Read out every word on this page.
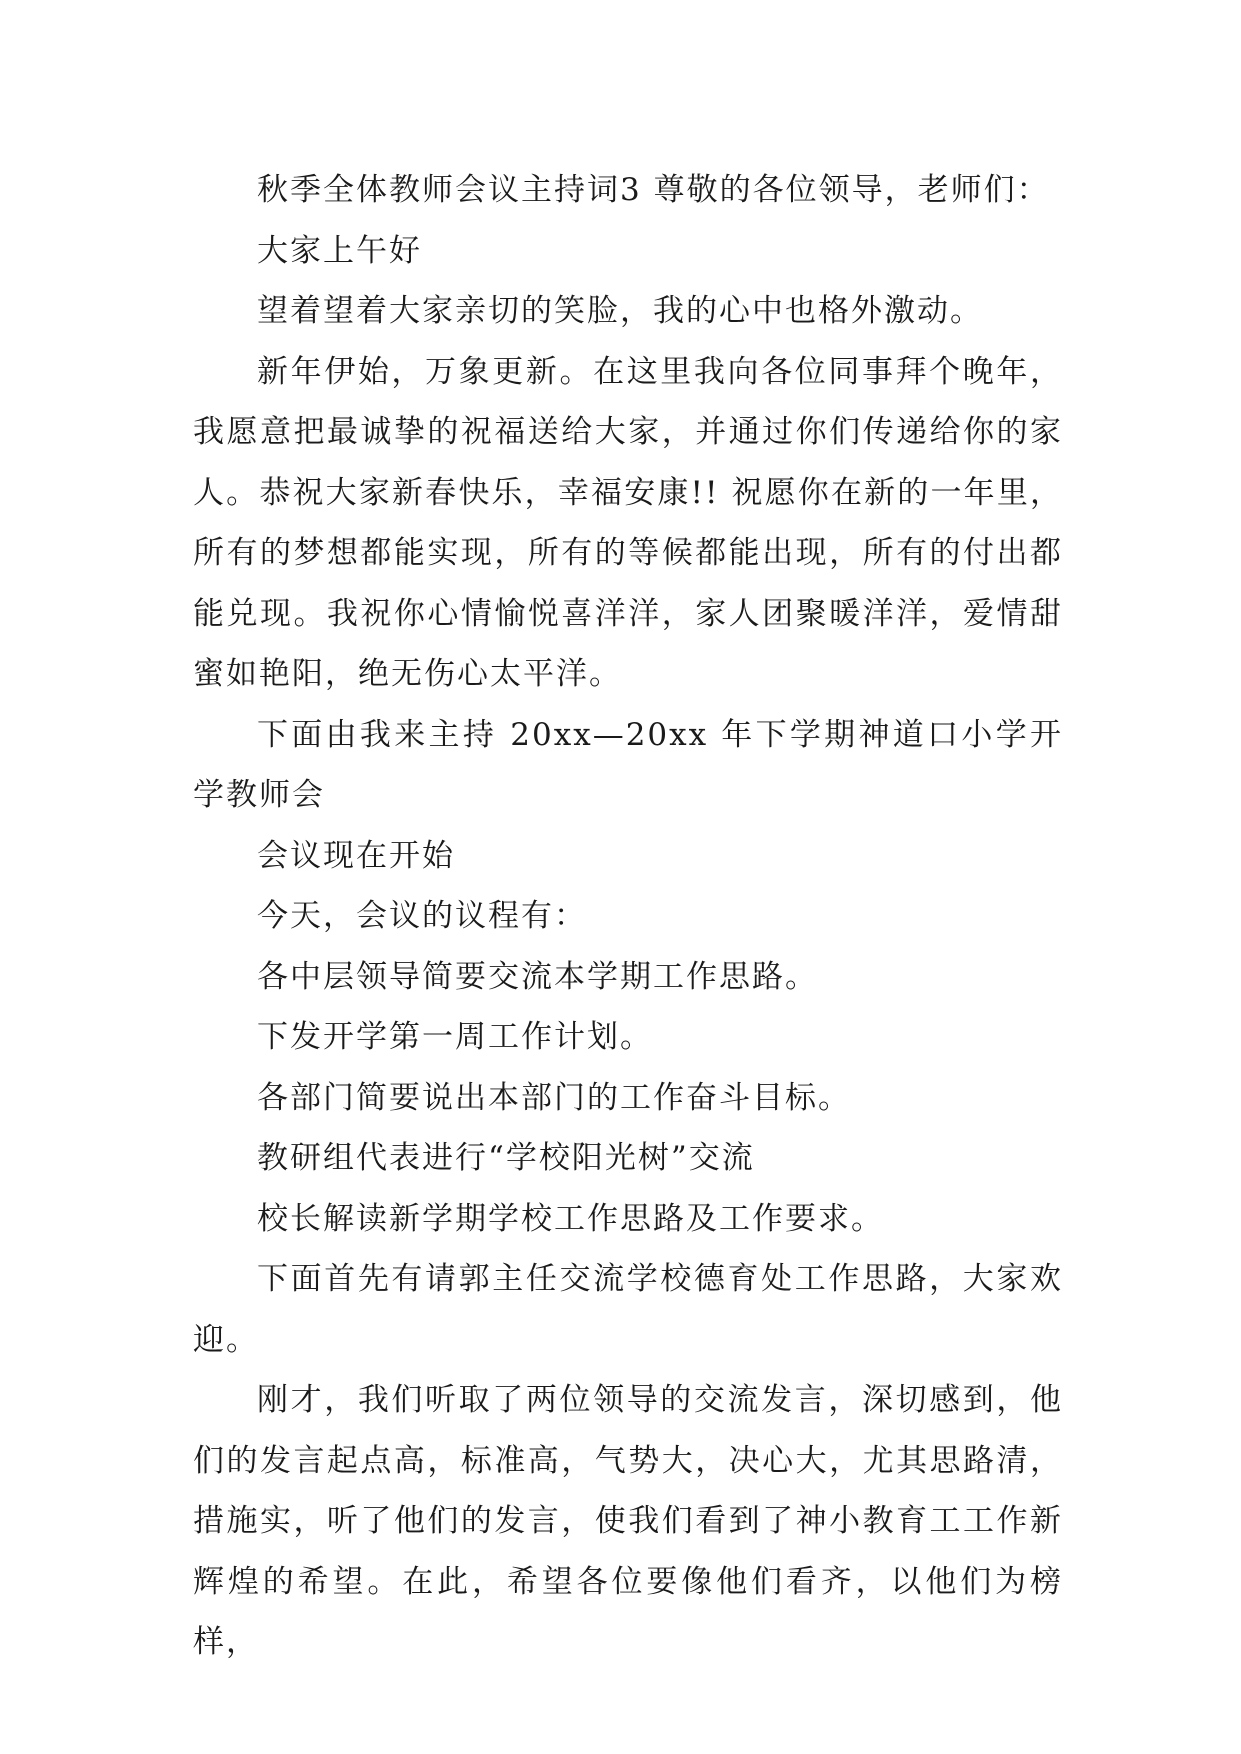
秋季全体教师会议主持词3 尊敬的各位领导，老师们：

大家上午好

望着望着大家亲切的笑脸，我的心中也格外激动。

新年伊始，万象更新。在这里我向各位同事拜个晚年，我愿意把最诚挚的祝福送给大家，并通过你们传递给你的家人。恭祝大家新春快乐，幸福安康!! 祝愿你在新的一年里，所有的梦想都能实现，所有的等候都能出现，所有的付出都能兑现。我祝你心情愉悦喜洋洋，家人团聚暖洋洋，爱情甜蜜如艳阳，绝无伤心太平洋。

下面由我来主持 20xx—20xx 年下学期神道口小学开学教师会

会议现在开始

今天，会议的议程有：

各中层领导简要交流本学期工作思路。

下发开学第一周工作计划。

各部门简要说出本部门的工作奋斗目标。

教研组代表进行“学校阳光树”交流

校长解读新学期学校工作思路及工作要求。

下面首先有请郭主任交流学校德育处工作思路，大家欢迎。

刚才，我们听取了两位领导的交流发言，深切感到，他们的发言起点高，标准高，气势大，决心大，尤其思路清，措施实，听了他们的发言，使我们看到了神小教育工工作新辉煌的希望。在此，希望各位要像他们看齐，以他们为榜样，
